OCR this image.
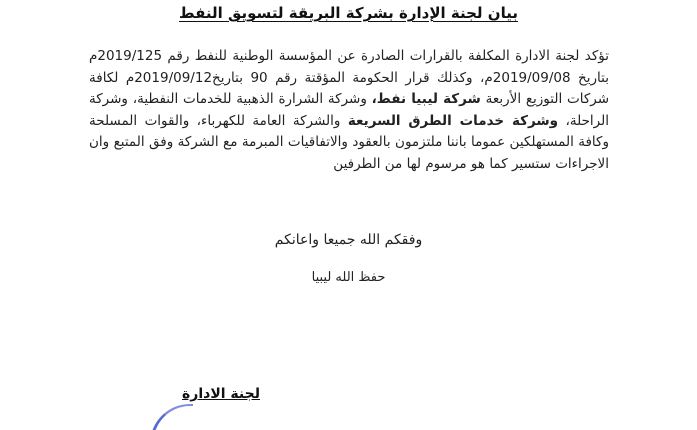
بيان لجنة الإدارة بشركة البريقة لتسويق النفط

تؤكد لجنة الادارة المكلفة بالقرارات الصادرة عن المؤسسة الوطنية للنفط رقم 2019/125م بتاريخ 2019/09/08م، وكذلك قرار الحكومة المؤقتة رقم 90 بتاريخ2019/09/12م لكافة شركات التوزيع الأربعة شركة ليبيا نفط، وشركة الشرارة الذهبية للخدمات النفطية، وشركة الراحلة، وشركة خدمات الطرق السريعة والشركة العامة للكهرباء، والقوات المسلحة وكافة المستهلكين عموما باننا ملتزمون بالعقود والاتفاقيات المبرمة مع الشركة وفق المتبع وان الاجراءات ستسير كما هو مرسوم لها من الطرفين

وفقكم الله جميعا واعانكم
حفظ الله ليبيا
لجنة الادارة
